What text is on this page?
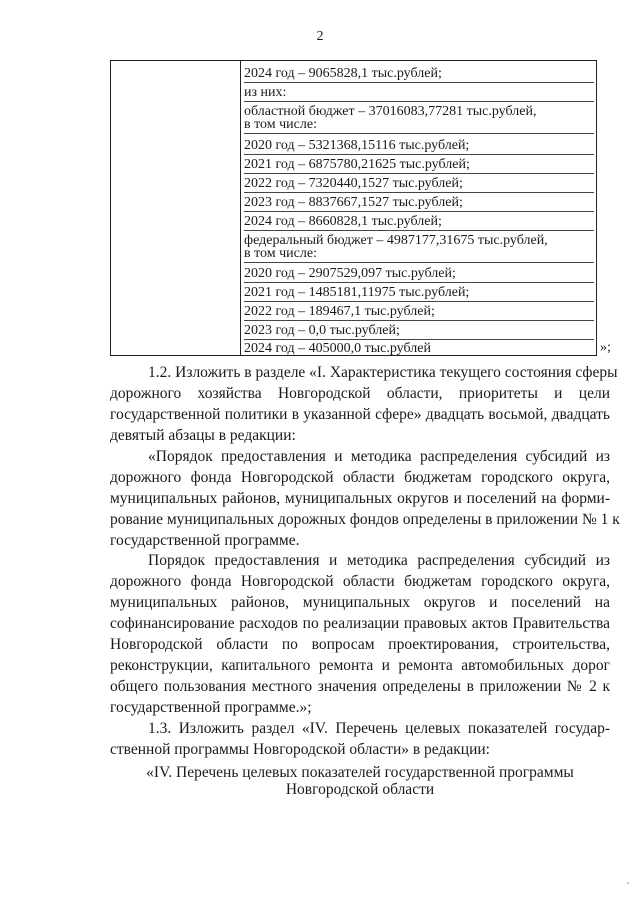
2
2024 год – 9065828,1 тыс.рублей;
из них:
областной бюджет – 37016083,77281 тыс.рублей,
в том числе:
2020 год – 5321368,15116 тыс.рублей;
2021 год – 6875780,21625 тыс.рублей;
2022 год – 7320440,1527 тыс.рублей;
2023 год – 8837667,1527 тыс.рублей;
2024 год – 8660828,1 тыс.рублей;
федеральный бюджет – 4987177,31675 тыс.рублей,
в том числе:
2020 год – 2907529,097 тыс.рублей;
2021 год – 1485181,11975 тыс.рублей;
2022 год – 189467,1 тыс.рублей;
2023 год – 0,0 тыс.рублей;
2024 год – 405000,0 тыс.рублей	»;
1.2. Изложить в разделе «I. Характеристика текущего состояния сферы
дорожного хозяйства Новгородской области, приоритеты и цели
государственной политики в указанной сфере» двадцать восьмой, двадцать
девятый абзацы в редакции:
«Порядок предоставления и методика распределения субсидий из
дорожного фонда Новгородской области бюджетам городского округа,
муниципальных районов, муниципальных округов и поселений на форми-
рование муниципальных дорожных фондов определены в приложении № 1 к
государственной программе.
Порядок предоставления и методика распределения субсидий из
дорожного фонда Новгородской области бюджетам городского округа,
муниципальных районов, муниципальных округов и поселений на
софинансирование расходов по реализации правовых актов Правительства
Новгородской области по вопросам проектирования, строительства,
реконструкции, капитального ремонта и ремонта автомобильных дорог
общего пользования местного значения определены в приложении № 2 к
государственной программе.»;
1.3. Изложить раздел «IV. Перечень целевых показателей государ-
ственной программы Новгородской области» в редакции:
«IV. Перечень целевых показателей государственной программы
Новгородской области
